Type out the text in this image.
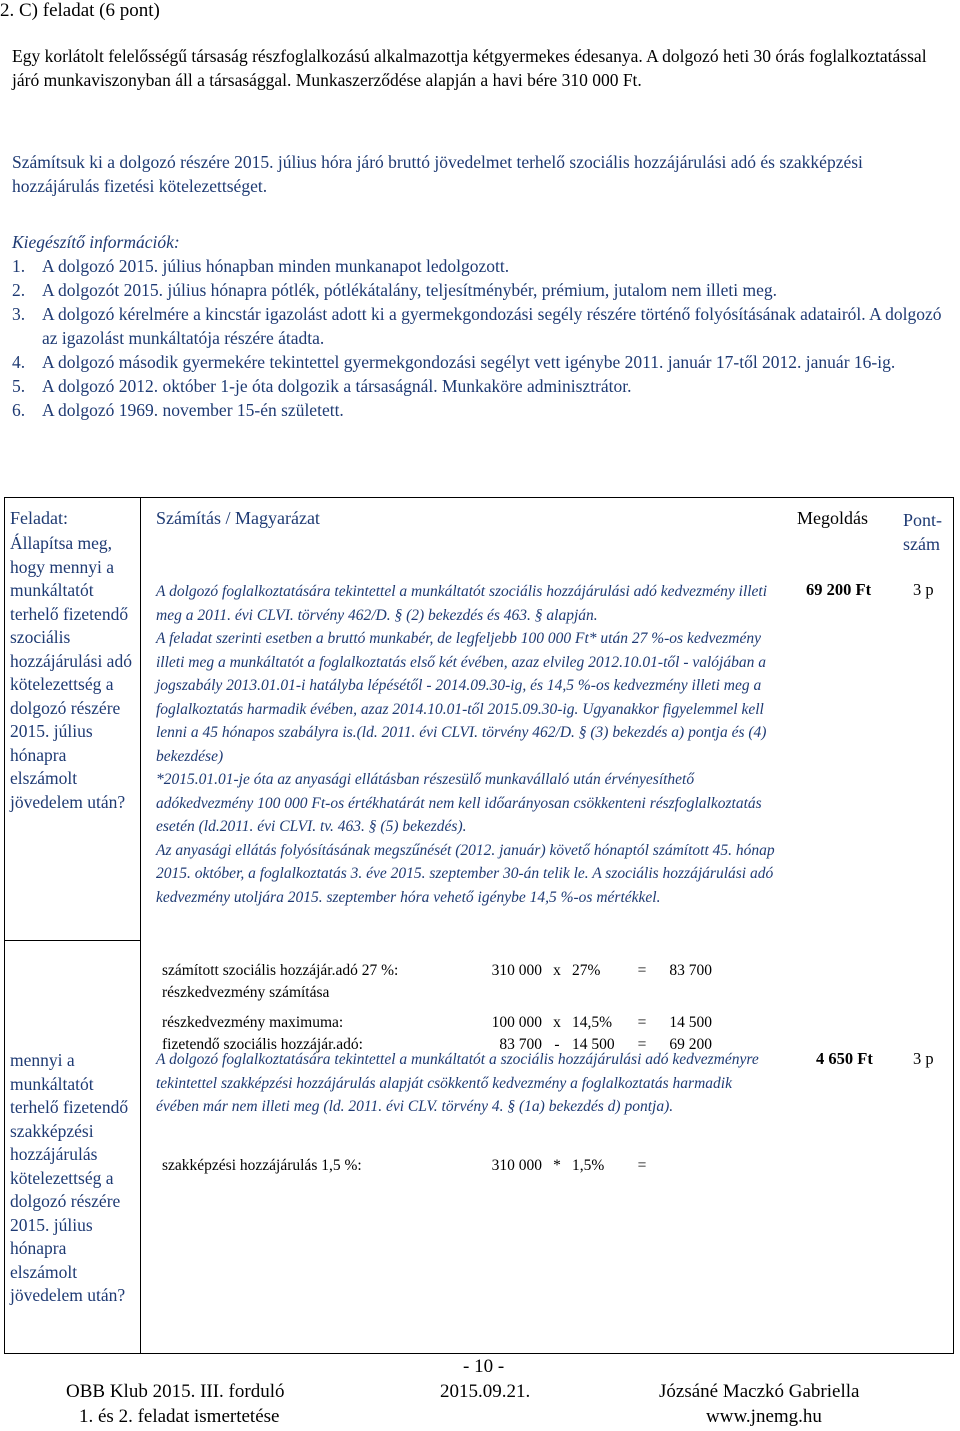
2. C) feladat (6 pont)
Egy korlátolt felelősségű társaság részfoglalkozású alkalmazottja kétgyermekes édesanya. A dolgozó heti 30 órás foglalkoztatással járó munkaviszonyban áll a társasággal. Munkaszerződése alapján a havi bére 310 000 Ft.
Számítsuk ki a dolgozó részére 2015. július hóra járó bruttó jövedelmet terhelő szociális hozzájárulási adó és szakképzési hozzájárulás fizetési kötelezettséget.
Kiegészítő információk:
1. A dolgozó 2015. július hónapban minden munkanapot ledolgozott.
2. A dolgozót 2015. július hónapra pótlék, pótlékátalány, teljesítménybér, prémium, jutalom nem illeti meg.
3. A dolgozó kérelmére a kincstár igazolást adott ki a gyermekgondozási segély részére történő folyósításának adatairól. A dolgozó az igazolást munkáltatója részére átadta.
4. A dolgozó második gyermekére tekintettel gyermekgondozási segélyt vett igénybe 2011. január 17-től 2012. január 16-ig.
5. A dolgozó 2012. október 1-je óta dolgozik a társaságnál. Munkaköre adminisztrátor.
6. A dolgozó 1969. november 15-én született.
Feladat:	Számítás / Magyarázat	Megoldás Pont-
szám
Állapítsa meg, hogy mennyi a munkáltatót terhelő fizetendő szociális hozzájárulási adó kötelezettség a dolgozó részére 2015. július hónapra elszámolt jövedelem után?
A dolgozó foglalkoztatására tekintettel a munkáltatót szociális hozzájárulási adó kedvezmény illeti meg a 2011. évi CLVI. törvény 462/D. § (2) bekezdés és 463. § alapján.
A feladat szerinti esetben a bruttó munkabér, de legfeljebb 100 000 Ft* után 27 %-os kedvezmény illeti meg a munkáltatót a foglalkoztatás első két évében, azaz elvileg 2012.10.01-től - valójában a jogszabály 2013.01.01-i hatályba lépésétől - 2014.09.30-ig, és 14,5 %-os kedvezmény illeti meg a foglalkoztatás harmadik évében, azaz 2014.10.01-től 2015.09.30-ig. Ugyanakkor figyelemmel kell lenni a 45 hónapos szabályra is.(ld. 2011. évi CLVI. törvény 462/D. § (3) bekezdés a) pontja és (4) bekezdése)
*2015.01.01-je óta az anyasági ellátásban részesülő munkavállaló után érvényesíthető adókedvezmény 100 000 Ft-os értékhatárát nem kell időarányosan csökkenteni részfoglalkoztatás esetén (ld.2011. évi CLVI. tv. 463. § (5) bekezdés).
Az anyasági ellátás folyósításának megszűnését (2012. január) követő hónaptól számított 45. hónap 2015. október, a foglalkoztatás 3. éve 2015. szeptember 30-án telik le. A szociális hozzájárulási adó kedvezmény utoljára 2015. szeptember hóra vehető igénybe 14,5 %-os mértékkel.
69 200 Ft	3 p
számított szociális hozzájár.adó 27 %:	310 000 x 27%	=	83 700
részkedvezmény számítása
részkedvezmény maximuma:	100 000 x 14,5%	=	14 500
fizetendő szociális hozzájár.adó:	83 700 - 14 500	=	69 200
mennyi a munkáltatót terhelő fizetendő szakképzési hozzájárulás kötelezettség a dolgozó részére 2015. július hónapra elszámolt jövedelem után?
A dolgozó foglalkoztatására tekintettel a munkáltatót a szociális hozzájárulási adó kedvezményre tekintettel szakképzési hozzájárulás alapját csökkentő kedvezmény a foglalkoztatás harmadik évében már nem illeti meg (ld. 2011. évi CLV. törvény 4. § (1a) bekezdés d) pontja).
4 650 Ft 3 p
szakképzési hozzájárulás 1,5 %:	310 000 * 1,5%	=
- 10 -
OBB Klub 2015. III. forduló
1. és 2. feladat ismertetése
2015.09.21.	Józsáné Maczkó Gabriella
www.jnemg.hu
